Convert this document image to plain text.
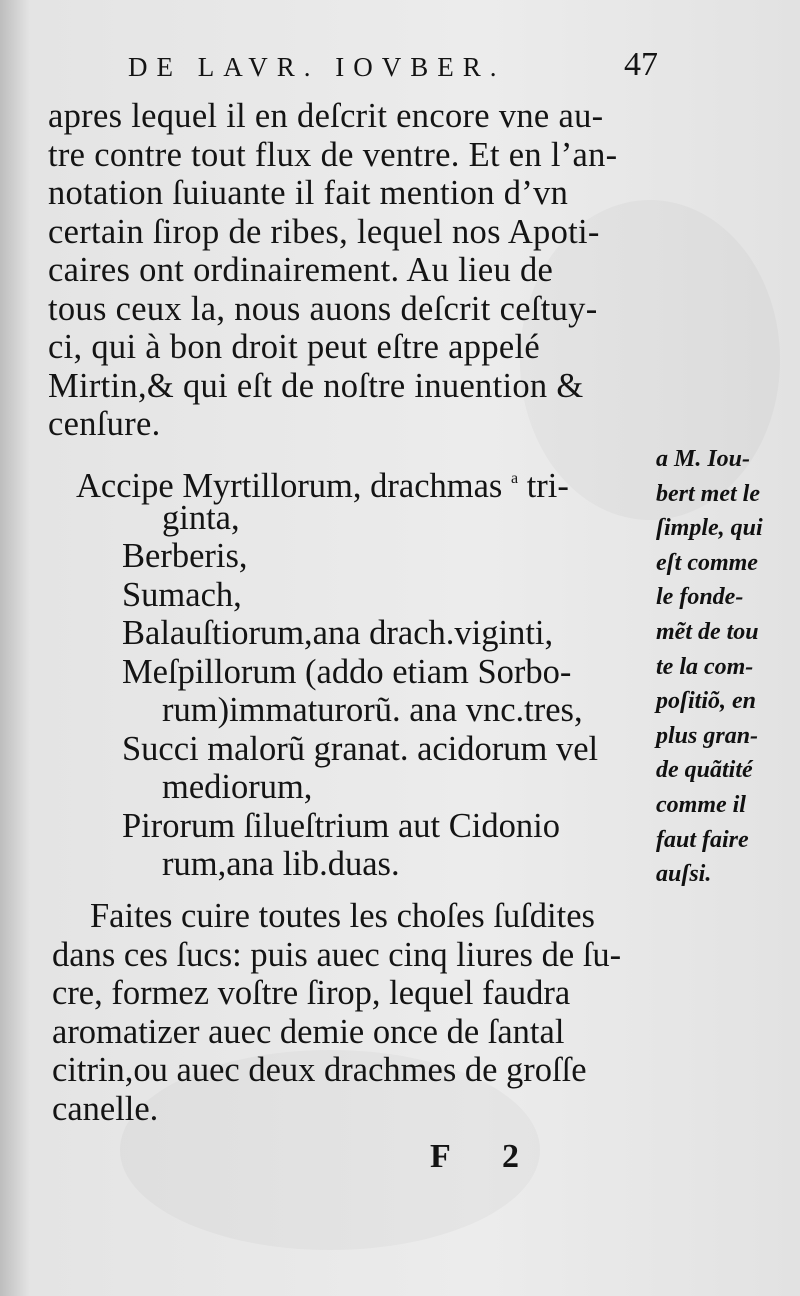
DE LAVR. IOVBER.	47
apres lequel il en deſcrit encore vne au-
tre contre tout flux de ventre. Et en l’an-
notation ſuiuante il fait mention d’vn
certain ſirop de ribes, lequel nos Apoti-
caires ont ordinairement. Au lieu de
tous ceux la, nous auons deſcrit ceſtuy-
ci, qui à bon droit peut eſtre appelé
Mirtin,& qui eſt de noſtre inuention &
cenſure.
Accipe Myrtillorum, drachmas $^a$ tri-
ginta,
Berberis,
Sumach,
Balauſtiorum,ana drach.viginti,
Meſpillorum (addo etiam Sorbo-
rum)immaturorũ. ana vnc.tres,
Succi malorũ granat. acidorum vel
mediorum,
Pirorum ſilueſtrium aut Cidonio
rum,ana lib.duas.
Faites cuire toutes les choſes ſuſdites
dans ces ſucs: puis auec cinq liures de ſu-
cre, formez voſtre ſirop, lequel faudra
aromatizer auec demie once de ſantal
citrin,ou auec deux drachmes de groſſe
canelle.
a M. Iou-
bert met le
ſimple, qui
eſt comme
le fonde-
mẽt de tou
te la com-
poſitiõ, en
plus gran-
de quãtité
comme il
faut faire
auſsi.
F 2
